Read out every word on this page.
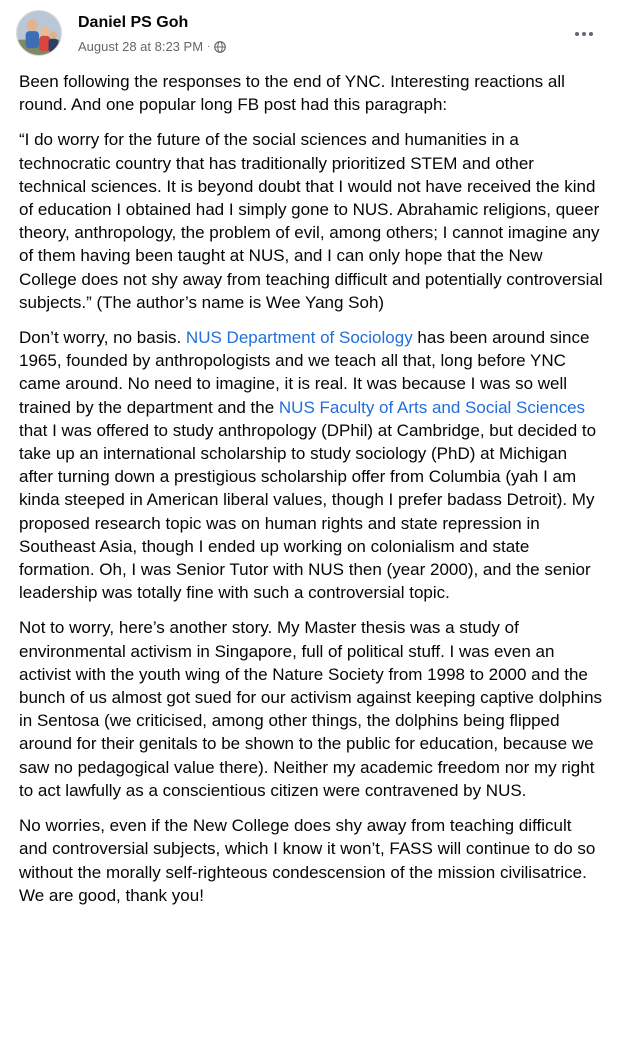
Daniel PS Goh
August 28 at 8:23 PM ·

Been following the responses to the end of YNC. Interesting reactions all round. And one popular long FB post had this paragraph:

“I do worry for the future of the social sciences and humanities in a technocratic country that has traditionally prioritized STEM and other technical sciences. It is beyond doubt that I would not have received the kind of education I obtained had I simply gone to NUS. Abrahamic religions, queer theory, anthropology, the problem of evil, among others; I cannot imagine any of them having been taught at NUS, and I can only hope that the New College does not shy away from teaching difficult and potentially controversial subjects.” (The author’s name is Wee Yang Soh)

Don’t worry, no basis. NUS Department of Sociology has been around since 1965, founded by anthropologists and we teach all that, long before YNC came around. No need to imagine, it is real. It was because I was so well trained by the department and the NUS Faculty of Arts and Social Sciences that I was offered to study anthropology (DPhil) at Cambridge, but decided to take up an international scholarship to study sociology (PhD) at Michigan after turning down a prestigious scholarship offer from Columbia (yah I am kinda steeped in American liberal values, though I prefer badass Detroit). My proposed research topic was on human rights and state repression in Southeast Asia, though I ended up working on colonialism and state formation. Oh, I was Senior Tutor with NUS then (year 2000), and the senior leadership was totally fine with such a controversial topic.

Not to worry, here’s another story. My Master thesis was a study of environmental activism in Singapore, full of political stuff. I was even an activist with the youth wing of the Nature Society from 1998 to 2000 and the bunch of us almost got sued for our activism against keeping captive dolphins in Sentosa (we criticised, among other things, the dolphins being flipped around for their genitals to be shown to the public for education, because we saw no pedagogical value there). Neither my academic freedom nor my right to act lawfully as a conscientious citizen were contravened by NUS.

No worries, even if the New College does shy away from teaching difficult and controversial subjects, which I know it won’t, FASS will continue to do so without the morally self-righteous condescension of the mission civilisatrice. We are good, thank you!
